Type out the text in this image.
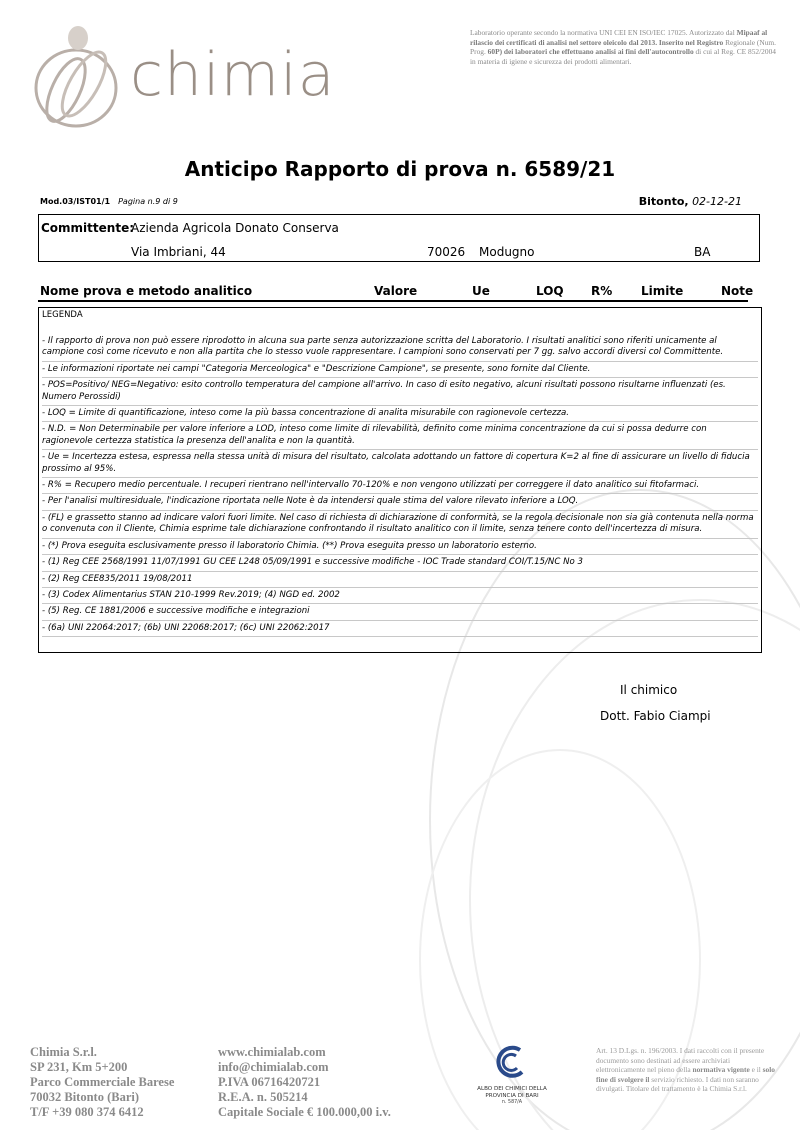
chimia
Laboratorio operante secondo la normativa UNI CEI EN ISO/IEC 17025. Autorizzato dal Mipaaf al rilascio dei certificati di analisi nel settore oleicolo dal 2013. Inserito nel Registro Regionale (Num. Prog. 60P) dei laboratori che effettuano analisi ai fini dell'autocontrollo di cui al Reg. CE 852/2004 in materia di igiene e sicurezza dei prodotti alimentari.
Anticipo Rapporto di prova n. 6589/21
Mod.03/IST01/1 Pagina n.9 di 9	Bitonto, 02-12-21
Committente:
Azienda Agricola Donato Conserva
Via Imbriani, 44	70026 Modugno	BA
Nome prova e metodo analitico	Valore	Ue	LOQ R% Limite	Note
LEGENDA
- Il rapporto di prova non può essere riprodotto in alcuna sua parte senza autorizzazione scritta del Laboratorio. I risultati analitici sono riferiti unicamente al campione così come ricevuto e non alla partita che lo stesso vuole rappresentare. I campioni sono conservati per 7 gg. salvo accordi diversi col Committente.
- Le informazioni riportate nei campi "Categoria Merceologica" e "Descrizione Campione", se presente, sono fornite dal Cliente.
- POS=Positivo/ NEG=Negativo: esito controllo temperatura del campione all'arrivo. In caso di esito negativo, alcuni risultati possono risultarne influenzati (es. Numero Perossidi)
- LOQ = Limite di quantificazione, inteso come la più bassa concentrazione di analita misurabile con ragionevole certezza.
- N.D. = Non Determinabile per valore inferiore a LOD, inteso come limite di rilevabilità, definito come minima concentrazione da cui si possa dedurre con ragionevole certezza statistica la presenza dell'analita e non la quantità.
- Ue = Incertezza estesa, espressa nella stessa unità di misura del risultato, calcolata adottando un fattore di copertura K=2 al fine di assicurare un livello di fiducia prossimo al 95%.
- R% = Recupero medio percentuale. I recuperi rientrano nell'intervallo 70-120% e non vengono utilizzati per correggere il dato analitico sui fitofarmaci.
- Per l'analisi multiresiduale, l'indicazione riportata nelle Note è da intendersi quale stima del valore rilevato inferiore a LOQ.
- (FL) e grassetto stanno ad indicare valori fuori limite. Nel caso di richiesta di dichiarazione di conformità, se la regola decisionale non sia già contenuta nella norma o convenuta con il Cliente, Chimia esprime tale dichiarazione confrontando il risultato analitico con il limite, senza tenere conto dell'incertezza di misura.
- (*) Prova eseguita esclusivamente presso il laboratorio Chimia. (**) Prova eseguita presso un laboratorio esterno.
- (1) Reg CEE 2568/1991 11/07/1991 GU CEE L248 05/09/1991 e successive modifiche - IOC Trade standard COI/T.15/NC No 3
- (2) Reg CEE835/2011 19/08/2011
- (3) Codex Alimentarius STAN 210-1999 Rev.2019; (4) NGD ed. 2002
- (5) Reg. CE 1881/2006 e successive modifiche e integrazioni
- (6a) UNI 22064:2017; (6b) UNI 22068:2017; (6c) UNI 22062:2017
Il chimico
Dott. Fabio Ciampi
Chimia S.r.l.
SP 231, Km 5+200
Parco Commerciale Barese
70032 Bitonto (Bari)
T/F +39 080 374 6412
www.chimialab.com
info@chimialab.com
P.IVA 06716420721
R.E.A. n. 505214
Capitale Sociale € 100.000,00 i.v.
ALBO DEI CHIMICI DELLA
PROVINCIA DI BARI
n. 587/A
Art. 13 D.Lgs. n. 196/2003. I dati raccolti con il presente documento sono destinati ad essere archiviati elettronicamente nel pieno della normativa vigente e il solo fine di svolgere il servizio richiesto. I dati non saranno divulgati. Titolare del trattamento è la Chimia S.r.l.
